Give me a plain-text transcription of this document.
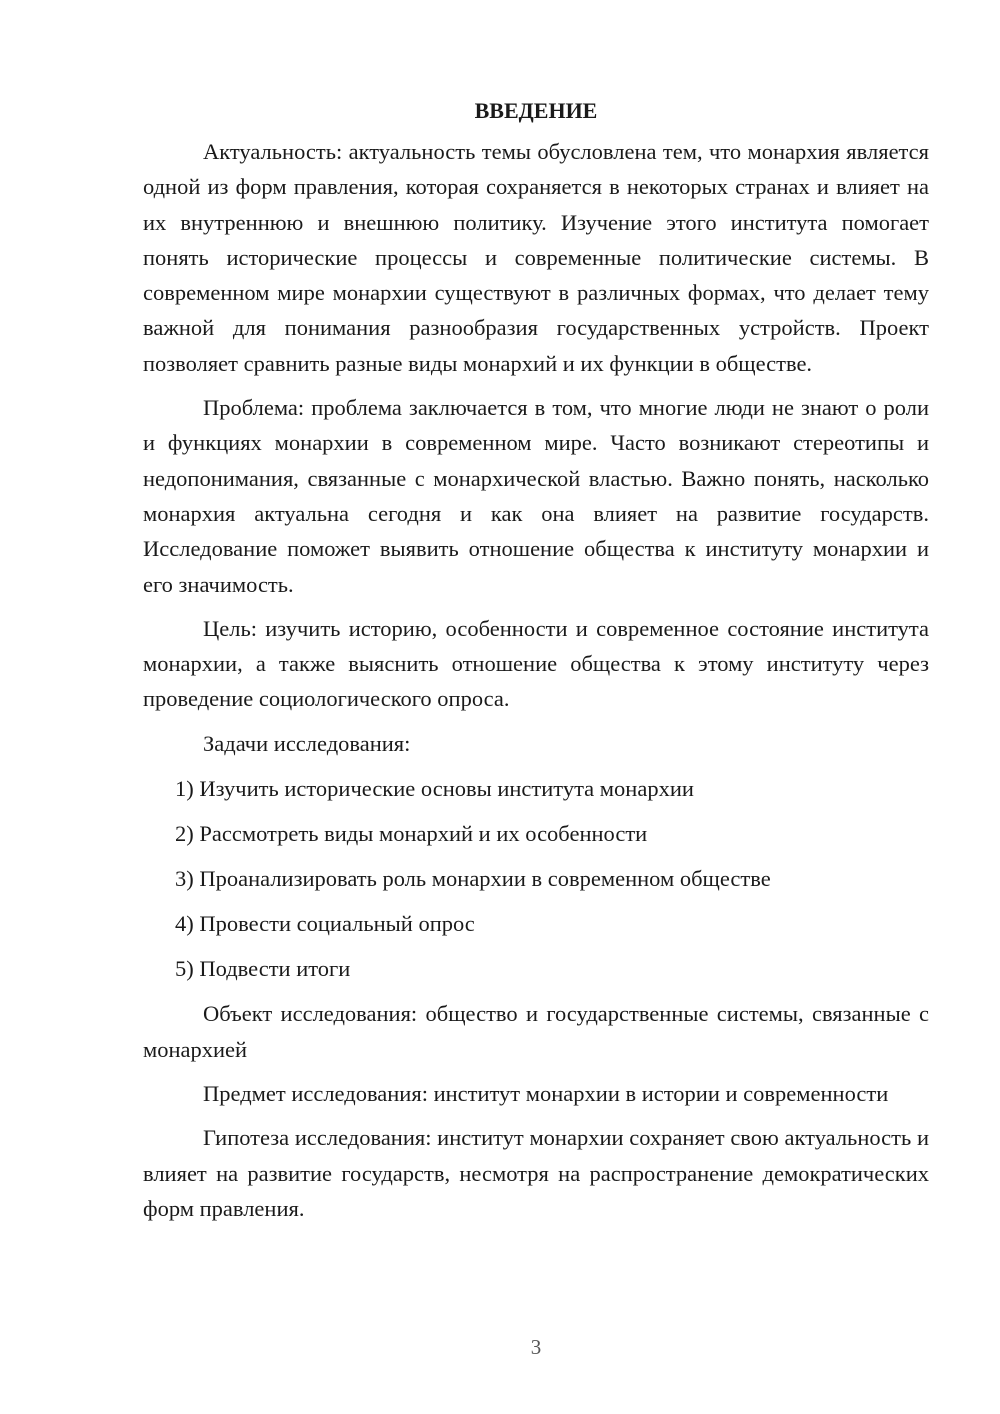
ВВЕДЕНИЕ

Актуальность: актуальность темы обусловлена тем, что монархия является одной из форм правления, которая сохраняется в некоторых странах и влияет на их внутреннюю и внешнюю политику. Изучение этого института помогает понять исторические процессы и современные политические системы. В современном мире монархии существуют в различных формах, что делает тему важной для понимания разнообразия государственных устройств. Проект позволяет сравнить разные виды монархий и их функции в обществе.

Проблема: проблема заключается в том, что многие люди не знают о роли и функциях монархии в современном мире. Часто возникают стереотипы и недопонимания, связанные с монархической властью. Важно понять, насколько монархия актуальна сегодня и как она влияет на развитие государств. Исследование поможет выявить отношение общества к институту монархии и его значимость.

Цель: изучить историю, особенности и современное состояние института монархии, а также выяснить отношение общества к этому институту через проведение социологического опроса.

Задачи исследования:

1) Изучить исторические основы института монархии
2) Рассмотреть виды монархий и их особенности
3) Проанализировать роль монархии в современном обществе
4) Провести социальный опрос
5) Подвести итоги

Объект исследования: общество и государственные системы, связанные с монархией

Предмет исследования: институт монархии в истории и современности

Гипотеза исследования: институт монархии сохраняет свою актуальность и влияет на развитие государств, несмотря на распространение демократических форм правления.

3
